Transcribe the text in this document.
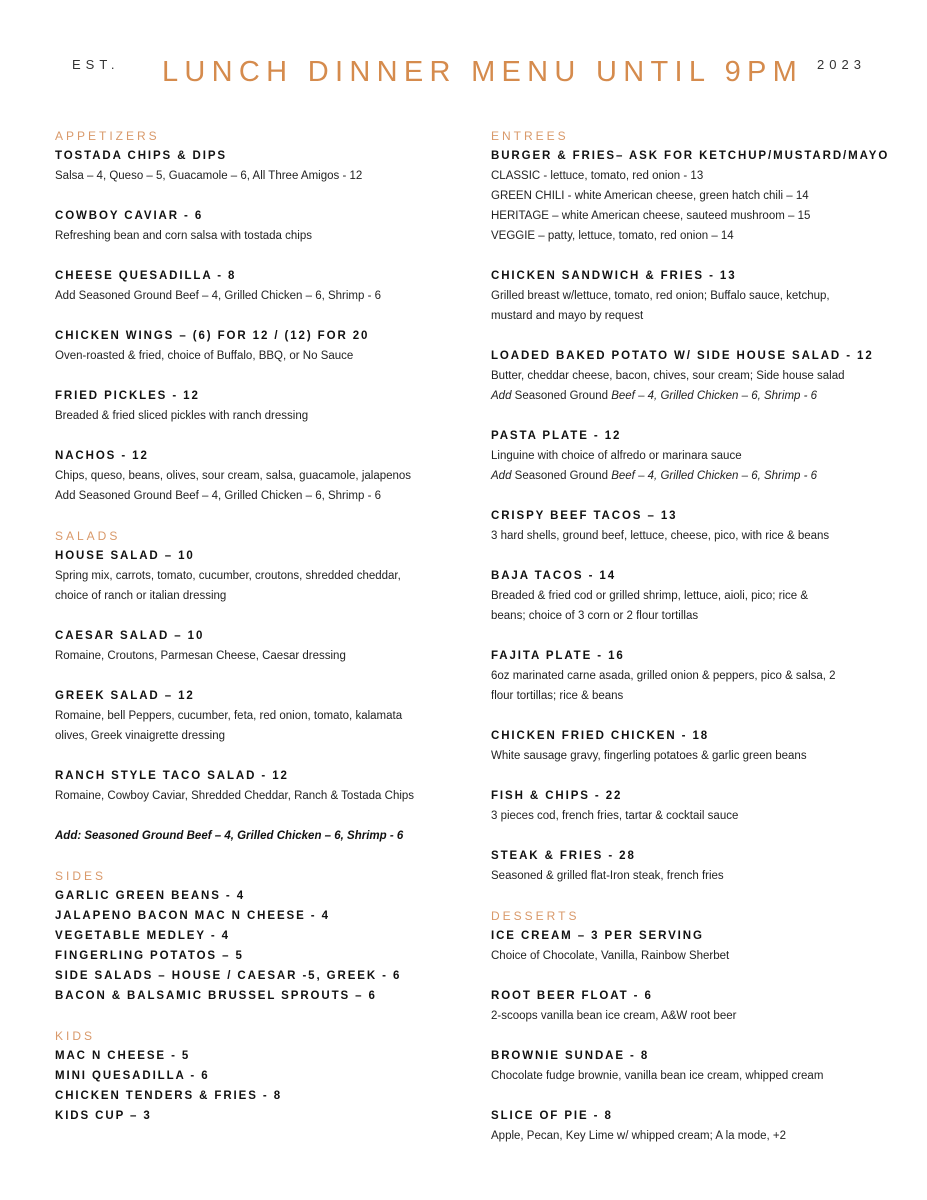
EST. LUNCH DINNER MENU UNTIL 9PM 2023
APPETIZERS
TOSTADA CHIPS & DIPS
Salsa – 4, Queso – 5, Guacamole – 6, All Three Amigos - 12
COWBOY CAVIAR - 6
Refreshing bean and corn salsa with tostada chips
CHEESE QUESADILLA - 8
Add Seasoned Ground Beef – 4, Grilled Chicken – 6, Shrimp - 6
CHICKEN WINGS – (6) FOR 12 / (12) FOR 20
Oven-roasted & fried, choice of Buffalo, BBQ, or No Sauce
FRIED PICKLES - 12
Breaded & fried sliced pickles with ranch dressing
NACHOS - 12
Chips, queso, beans, olives, sour cream, salsa, guacamole, jalapenos
Add Seasoned Ground Beef – 4, Grilled Chicken – 6, Shrimp - 6
SALADS
HOUSE SALAD – 10
Spring mix, carrots, tomato, cucumber, croutons, shredded cheddar,
choice of ranch or italian dressing
CAESAR SALAD – 10
Romaine, Croutons, Parmesan Cheese, Caesar dressing
GREEK SALAD – 12
Romaine, bell Peppers, cucumber, feta, red onion, tomato, kalamata
olives, Greek vinaigrette dressing
RANCH STYLE TACO SALAD - 12
Romaine, Cowboy Caviar, Shredded Cheddar, Ranch & Tostada Chips
Add: Seasoned Ground Beef – 4, Grilled Chicken – 6, Shrimp - 6
SIDES
GARLIC GREEN BEANS - 4
JALAPENO BACON MAC N CHEESE - 4
VEGETABLE MEDLEY - 4
FINGERLING POTATOS – 5
SIDE SALADS – HOUSE / CAESAR -5, GREEK - 6
BACON & BALSAMIC BRUSSEL SPROUTS – 6
KIDS
MAC N CHEESE - 5
MINI QUESADILLA - 6
CHICKEN TENDERS & FRIES - 8
KIDS CUP – 3
ENTREES
BURGER & FRIES– ASK FOR KETCHUP/MUSTARD/MAYO
CLASSIC - lettuce, tomato, red onion - 13
GREEN CHILI - white American cheese, green hatch chili – 14
HERITAGE – white American cheese, sauteed mushroom – 15
VEGGIE – patty, lettuce, tomato, red onion – 14
CHICKEN SANDWICH & FRIES - 13
Grilled breast w/lettuce, tomato, red onion; Buffalo sauce, ketchup,
mustard and mayo by request
LOADED BAKED POTATO W/ SIDE HOUSE SALAD - 12
Butter, cheddar cheese, bacon, chives, sour cream; Side house salad
Add Seasoned Ground Beef – 4, Grilled Chicken – 6, Shrimp - 6
PASTA PLATE - 12
Linguine with choice of alfredo or marinara sauce
Add Seasoned Ground Beef – 4, Grilled Chicken – 6, Shrimp - 6
CRISPY BEEF TACOS – 13
3 hard shells, ground beef, lettuce, cheese, pico, with rice & beans
BAJA TACOS - 14
Breaded & fried cod or grilled shrimp, lettuce, aioli, pico; rice &
beans; choice of 3 corn or 2 flour tortillas
FAJITA PLATE - 16
6oz marinated carne asada, grilled onion & peppers, pico & salsa, 2
flour tortillas; rice & beans
CHICKEN FRIED CHICKEN - 18
White sausage gravy, fingerling potatoes & garlic green beans
FISH & CHIPS - 22
3 pieces cod, french fries, tartar & cocktail sauce
STEAK & FRIES - 28
Seasoned & grilled flat-Iron steak, french fries
DESSERTS
ICE CREAM – 3 PER SERVING
Choice of Chocolate, Vanilla, Rainbow Sherbet
ROOT BEER FLOAT - 6
2-scoops vanilla bean ice cream, A&W root beer
BROWNIE SUNDAE - 8
Chocolate fudge brownie, vanilla bean ice cream, whipped cream
SLICE OF PIE - 8
Apple, Pecan, Key Lime w/ whipped cream; A la mode, +2
